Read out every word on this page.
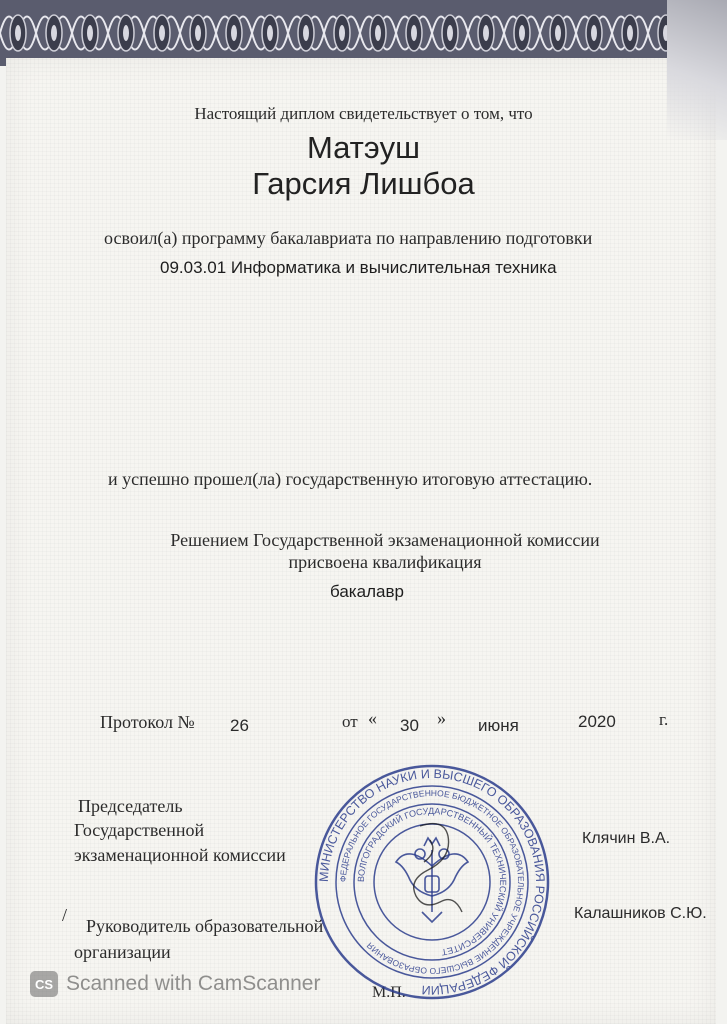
Настоящий диплом свидетельствует о том, что
Матэуш
Гарсия Лишбоа
освоил(а) программу бакалавриата по направлению подготовки
09.03.01 Информатика и вычислительная техника
и успешно прошел(ла) государственную итоговую аттестацию.
Решением Государственной экзаменационной комиссии
присвоена квалификация
бакалавр
Протокол № 26	от « 30 » июня	2020	г.
Председатель
Государственной
экзаменационной комиссии
Клячин В.А.
/
Руководитель образовательной
организации
Калашников С.Ю.
М.П.
МИНИСТЕРСТВО НАУКИ И ВЫСШЕГО ОБРАЗОВАНИЯ РОССИЙСКОЙ ФЕДЕРАЦИИ
ФЕДЕРАЛЬНОЕ ГОСУДАРСТВЕННОЕ БЮДЖЕТНОЕ ОБРАЗОВАТЕЛЬНОЕ УЧРЕЖДЕНИЕ ВЫСШЕГО ОБРАЗОВАНИЯ
ВОЛГОГРАДСКИЙ ГОСУДАРСТВЕННЫЙ ТЕХНИЧЕСКИЙ УНИВЕРСИТЕТ
CS Scanned with CamScanner
